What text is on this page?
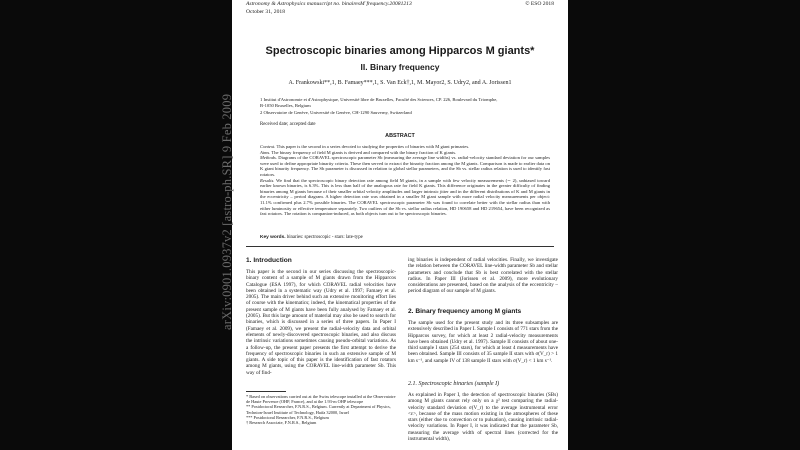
Astronomy & Astrophysics manuscript no. binairesM˙frequency.20081213
October 31, 2018
© ESO 2018
Spectroscopic binaries among Hipparcos M giants*
II. Binary frequency
A. Frankowski**,1, B. Famaey***,1, S. Van Eck†,1, M. Mayor2, S. Udry2, and A. Jorissen1
1 Institut d'Astronomie et d'Astrophysique, Université libre de Bruxelles, Faculté des Sciences, CP. 226, Boulevard du Triomphe,
B-1050 Bruxelles, Belgium
2 Observatoire de Genève, Université de Genève, CH-1290 Sauverny, Switzerland
Received date; accepted date
ABSTRACT

Context. This paper is the second in a series devoted to studying the properties of binaries with M giant primaries.

Aims. The binary frequency of field M giants is derived and compared with the binary fraction of K giants.

Methods. Diagrams of the CORAVEL spectroscopic parameter Sb (measuring the average line widths) vs. radial-velocity standard deviation for our samples were used to define appropriate binarity criteria. These then served to extract the binarity fraction among the M giants. Comparison is made to earlier data on K giant binarity frequency. The Sb parameter is discussed in relation to global stellar parameters, and the Sb vs. stellar radius relation is used to identify fast rotators.

Results. We find that the spectroscopic binary detection rate among field M giants, in a sample with few velocity measurements (∼ 2), unbiased toward earlier known binaries, is 6.3%. This is less than half of the analogous rate for field K giants. This difference originates in the greater difficulty of finding binaries among M giants because of their smaller orbital velocity amplitudes and larger intrinsic jitter and in the different distributions of K and M giants in the eccentricity – period diagram. A higher detection rate was obtained in a smaller M giant sample with more radial velocity measurements per object: 11.1% confirmed plus 2.7% possible binaries. The CORAVEL spectroscopic parameter Sb was found to correlate better with the stellar radius than with either luminosity or effective temperature separately. Two outliers of the Sb vs. stellar radius relation, HD 190658 and HD 219654, have been recognized as fast rotators. The rotation is companion-induced, as both objects turn out to be spectroscopic binaries.

Key words. binaries: spectroscopic - stars: late-type
1. Introduction

This paper is the second in our series discussing the spectroscopic-binary content of a sample of M giants drawn from the Hipparcos Catalogue (ESA 1997), for which CORAVEL radial velocities have been obtained in a systematic way (Udry et al. 1997; Famaey et al. 2005). The main driver behind such an extensive monitoring effort lies of course with the kinematics; indeed, the kinematical properties of the present sample of M giants have been fully analysed by Famaey et al. (2005). But this large amount of material may also be used to search for binaries, which is discussed in a series of three papers. In Paper I (Famaey et al. 2009), we present the radial-velocity data and orbital elements of newly-discovered spectroscopic binaries, and also discuss the intrinsic variations sometimes causing pseudo-orbital variations. As a follow-up, the present paper presents the first attempt to derive the frequency of spectroscopic binaries in such an extensive sample of M giants. A side topic of this paper is the identification of fast rotators among M giants, using the CORAVEL line-width parameter Sb. This way of find-

* Based on observations carried out at the Swiss telescope installed at the Observatoire de Haute Provence (OHP, France), and at the 1.93-m OHP telescope

** Postdoctoral Researcher, F.N.R.S., Belgium. Currently at Department of Physics, Technion-Israel Institute of Technology, Haifa 32000, Israel

*** Postdoctoral Researcher, F.N.R.S., Belgium

† Research Associate, F.N.R.S., Belgium

ing binaries is independent of radial velocities. Finally, we investigate the relation between the CORAVEL line-width parameter Sb and stellar parameters and conclude that Sb is best correlated with the stellar radius. In Paper III (Jorissen et al. 2009), more evolutionary considerations are presented, based on the analysis of the eccentricity – period diagram of our sample of M giants.

2. Binary frequency among M giants

The sample used for the present study and its three subsamples are extensively described in Paper I. Sample I consists of 771 stars from the Hipparcos survey, for which at least 2 radial-velocity measurements have been obtained (Udry et al. 1997). Sample II consists of about one-third sample I stars (254 stars), for which at least 4 measurements have been obtained. Sample III consists of 35 sample II stars with σ(V_r) > 1 km s⁻¹, and sample IV of 138 sample II stars with σ(V_r) < 1 km s⁻¹.

2.1. Spectroscopic binaries (sample I)

As explained in Paper I, the detection of spectroscopic binaries (SBs) among M giants cannot rely only on a χ² test comparing the radial-velocity standard deviation σ(V_r) to the average instrumental error <ε>, because of the mass motion existing in the atmospheres of these stars (either due to convection or to pulsation), causing intrinsic radial-velocity variations. In Paper I, it was indicated that the parameter Sb, measuring the average width of spectral lines (corrected for the instrumental width),

arXiv:0901.0937v2 [astro-ph.SR] 9 Feb 2009
